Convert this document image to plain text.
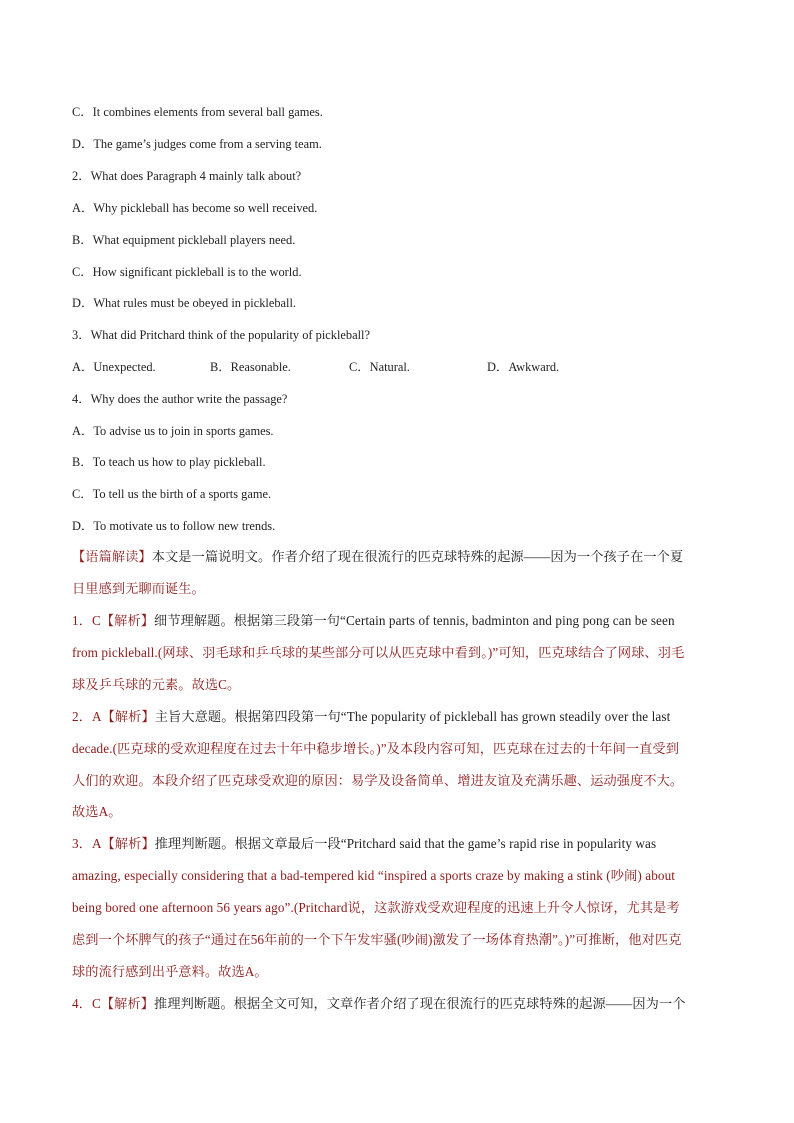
C．It combines elements from several ball games.
D．The game’s judges come from a serving team.
2．What does Paragraph 4 mainly talk about?
A．Why pickleball has become so well received.
B．What equipment pickleball players need.
C．How significant pickleball is to the world.
D．What rules must be obeyed in pickleball.
3．What did Pritchard think of the popularity of pickleball?
A．Unexpected.	B．Reasonable.	C．Natural.	D．Awkward.
4．Why does the author write the passage?
A．To advise us to join in sports games.
B．To teach us how to play pickleball.
C．To tell us the birth of a sports game.
D．To motivate us to follow new trends.
【语篇解读】本文是一篇说明文。作者介绍了现在很流行的匹克球特殊的起源——因为一个孩子在一个夏
日里感到无聊而诞生。
1．C【解析】细节理解题。根据第三段第一句“Certain parts of tennis, badminton and ping pong can be seen
from pickleball.(网球、羽毛球和乒乓球的某些部分可以从匹克球中看到。)”可知，匹克球结合了网球、羽毛
球及乒乓球的元素。故选C。
2．A【解析】主旨大意题。根据第四段第一句“The popularity of pickleball has grown steadily over the last
decade.(匹克球的受欢迎程度在过去十年中稳步增长。)”及本段内容可知，匹克球在过去的十年间一直受到
人们的欢迎。本段介绍了匹克球受欢迎的原因：易学及设备简单、增进友谊及充满乐趣、运动强度不大。
故选A。
3．A【解析】推理判断题。根据文章最后一段“Pritchard said that the game’s rapid rise in popularity was
amazing, especially considering that a bad-tempered kid “inspired a sports craze by making a stink (吵闹) about
being bored one afternoon 56 years ago”.(Pritchard说，这款游戏受欢迎程度的迅速上升令人惊讶，尤其是考
虑到一个坏脾气的孩子“通过在56年前的一个下午发牢骚(吵闹)激发了一场体育热潮”。)”可推断，他对匹克
球的流行感到出乎意料。故选A。
4．C【解析】推理判断题。根据全文可知，文章作者介绍了现在很流行的匹克球特殊的起源——因为一个
